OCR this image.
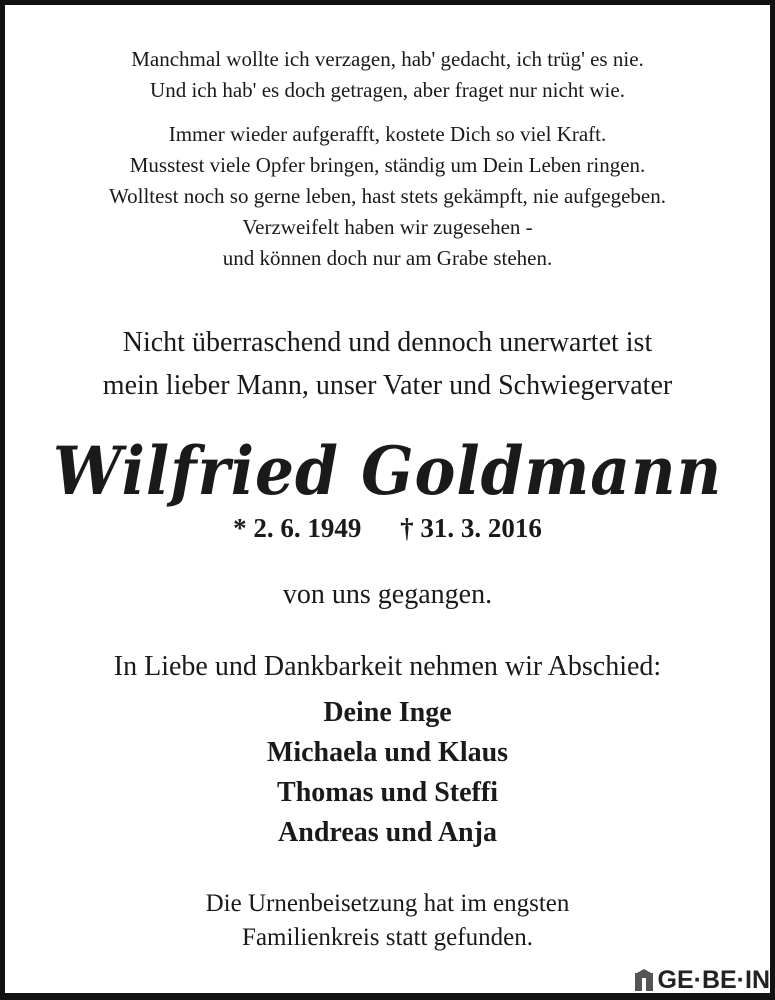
Manchmal wollte ich verzagen, hab' gedacht, ich trüg' es nie.
Und ich hab' es doch getragen, aber fraget nur nicht wie.
Immer wieder aufgerafft, kostete Dich so viel Kraft.
Musstest viele Opfer bringen, ständig um Dein Leben ringen.
Wolltest noch so gerne leben, hast stets gekämpft, nie aufgegeben.
Verzweifelt haben wir zugesehen -
und können doch nur am Grabe stehen.
Nicht überraschend und dennoch unerwartet ist
mein lieber Mann, unser Vater und Schwiegervater
Wilfried Goldmann
* 2. 6. 1949 † 31. 3. 2016
von uns gegangen.
In Liebe und Dankbarkeit nehmen wir Abschied:
Deine Inge
Michaela und Klaus
Thomas und Steffi
Andreas und Anja
Die Urnenbeisetzung hat im engsten
Familienkreis statt gefunden.
GE·BE·IN
